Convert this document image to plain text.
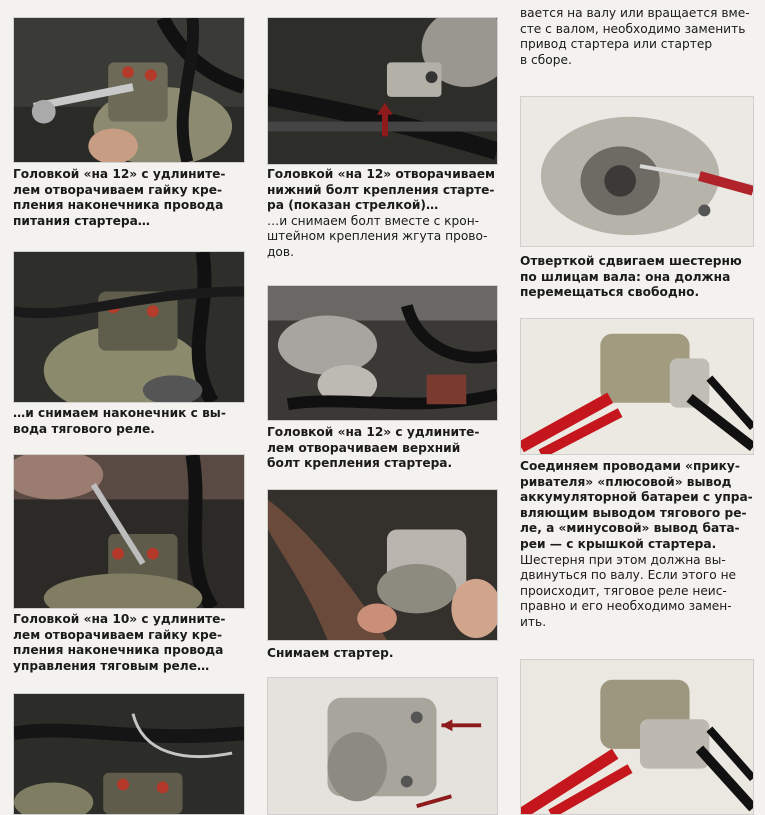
Головкой «на 12» с удлините-
лем отворачиваем гайку кре-
пления наконечника провода
питания стартера…
…и снимаем наконечник с вы-
вода тягового реле.
Головкой «на 10» с удлините-
лем отворачиваем гайку кре-
пления наконечника провода
управления тяговым реле…
Головкой «на 12» отворачиваем
нижний болт крепления старте-
ра (показан стрелкой)…
…и снимаем болт вместе с крон-
штейном крепления жгута прово-
дов.
Головкой «на 12» с удлините-
лем отворачиваем верхний
болт крепления стартера.
Снимаем стартер.
вается на валу или вращается вме-
сте с валом, необходимо заменить
привод стартера или стартер
в сборе.
Отверткой сдвигаем шестерню
по шлицам вала: она должна
перемещаться свободно.
Соединяем проводами «прику-
ривателя» «плюсовой» вывод
аккумуляторной батареи с упра-
вляющим выводом тягового ре-
ле, а «минусовой» вывод бата-
реи — с крышкой стартера.
Шестерня при этом должна вы-
двинуться по валу. Если этого не
происходит, тяговое реле неис-
правно и его необходимо замен-
ить.
